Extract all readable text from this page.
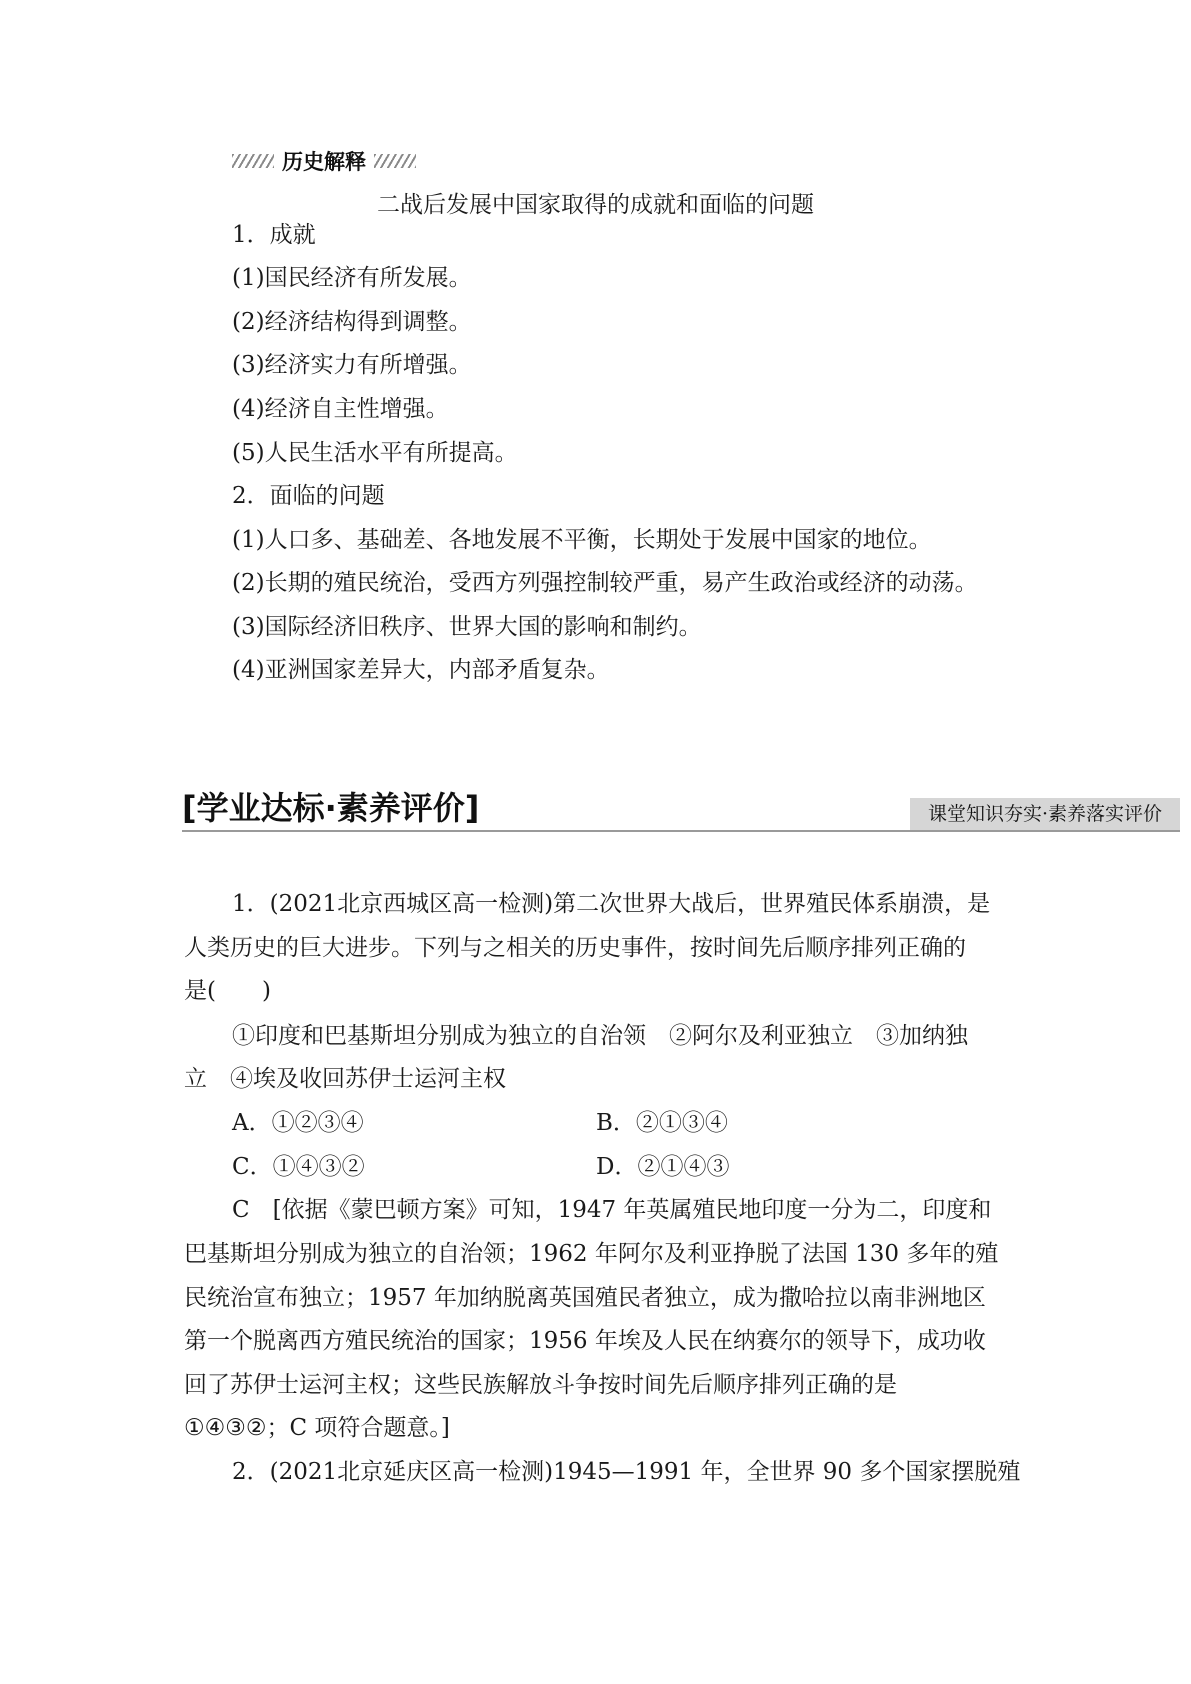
历史解释
二战后发展中国家取得的成就和面临的问题
1．成就
(1)国民经济有所发展。
(2)经济结构得到调整。
(3)经济实力有所增强。
(4)经济自主性增强。
(5)人民生活水平有所提高。
2．面临的问题
(1)人口多、基础差、各地发展不平衡，长期处于发展中国家的地位。
(2)长期的殖民统治，受西方列强控制较严重，易产生政治或经济的动荡。
(3)国际经济旧秩序、世界大国的影响和制约。
(4)亚洲国家差异大，内部矛盾复杂。
[学业达标·素养评价]	课堂知识夯实·素养落实评价
1．(2021北京西城区高一检测)第二次世界大战后，世界殖民体系崩溃，是
人类历史的巨大进步。下列与之相关的历史事件，按时间先后顺序排列正确的
是(　　)
①印度和巴基斯坦分别成为独立的自治领　②阿尔及利亚独立　③加纳独
立　④埃及收回苏伊士运河主权
A．①②③④	B．②①③④
C．①④③②	D．②①④③
C　[依据《蒙巴顿方案》可知，1947 年英属殖民地印度一分为二，印度和
巴基斯坦分别成为独立的自治领；1962 年阿尔及利亚挣脱了法国 130 多年的殖
民统治宣布独立；1957 年加纳脱离英国殖民者独立，成为撒哈拉以南非洲地区
第一个脱离西方殖民统治的国家；1956 年埃及人民在纳赛尔的领导下，成功收
回了苏伊士运河主权；这些民族解放斗争按时间先后顺序排列正确的是
①④③②；C 项符合题意。]
2．(2021北京延庆区高一检测)1945—1991 年，全世界 90 多个国家摆脱殖
